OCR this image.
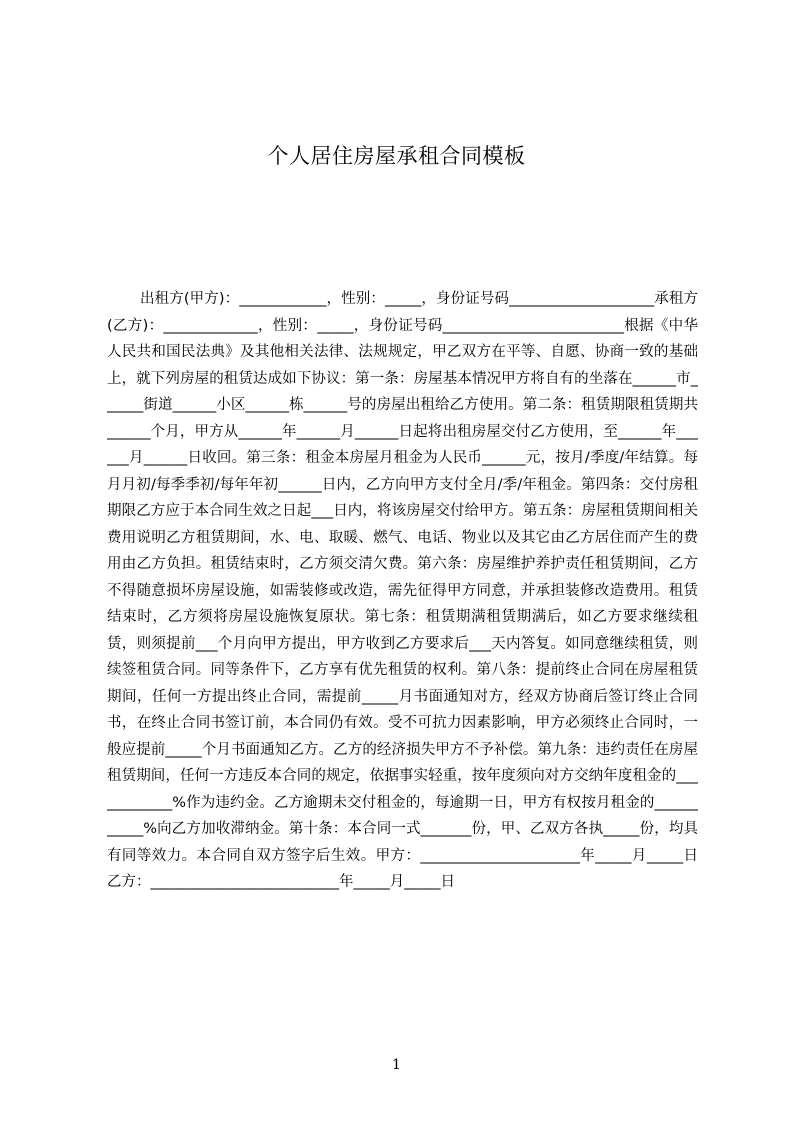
个人居住房屋承租合同模板

出租方(甲方)：____________，性别：_____，身份证号码____________________承租方(乙方)：_____________，性别：_____，身份证号码_________________________根据《中华人民共和国民法典》及其他相关法律、法规规定，甲乙双方在平等、自愿、协商一致的基础上，就下列房屋的租赁达成如下协议：第一条：房屋基本情况甲方将自有的坐落在______市______街道______小区______栋______号的房屋出租给乙方使用。第二条：租赁期限租赁期共______个月，甲方从______年______月______日起将出租房屋交付乙方使用，至______年______月______日收回。第三条：租金本房屋月租金为人民币______元，按月/季度/年结算。每月月初/每季季初/每年年初______日内，乙方向甲方支付全月/季/年租金。第四条：交付房租期限乙方应于本合同生效之日起___日内，将该房屋交付给甲方。第五条：房屋租赁期间相关费用说明乙方租赁期间，水、电、取暖、燃气、电话、物业以及其它由乙方居住而产生的费用由乙方负担。租赁结束时，乙方须交清欠费。第六条：房屋维护养护责任租赁期间，乙方不得随意损坏房屋设施，如需装修或改造，需先征得甲方同意，并承担装修改造费用。租赁结束时，乙方须将房屋设施恢复原状。第七条：租赁期满租赁期满后，如乙方要求继续租赁，则须提前___个月向甲方提出，甲方收到乙方要求后___天内答复。如同意继续租赁，则续签租赁合同。同等条件下，乙方享有优先租赁的权利。第八条：提前终止合同在房屋租赁期间，任何一方提出终止合同，需提前_____月书面通知对方，经双方协商后签订终止合同书，在终止合同书签订前，本合同仍有效。受不可抗力因素影响，甲方必须终止合同时，一般应提前_____个月书面通知乙方。乙方的经济损失甲方不予补偿。第九条：违约责任在房屋租赁期间，任何一方违反本合同的规定，依据事实轻重，按年度须向对方交纳年度租金的____________%作为违约金。乙方逾期未交付租金的，每逾期一日，甲方有权按月租金的___________%向乙方加收滞纳金。第十条：本合同一式_______份，甲、乙双方各执_____份，均具有同等效力。本合同自双方签字后生效。甲方：______________________年_____月_____日乙方：__________________________年_____月_____日

1
